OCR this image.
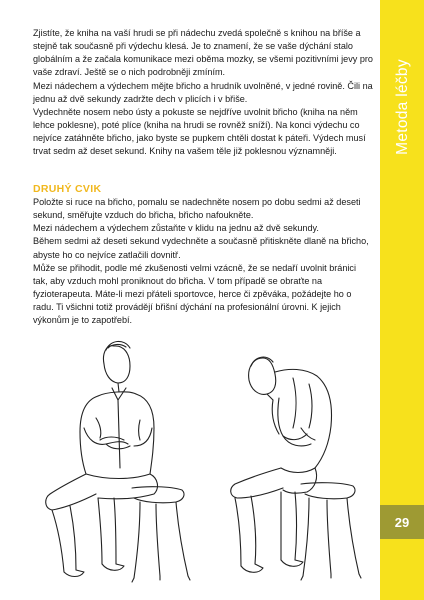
Metoda léčby
29

Zjistíte, že kniha na vaší hrudi se při nádechu zvedá společně s knihou na bříše a stejně tak současně při výdechu klesá. Je to znamení, že se vaše dýchání stalo globálním a že začala komunikace mezi oběma mozky, se všemi pozitivními jevy pro vaše zdraví. Ještě se o nich podrobněji zmíním.

Mezi nádechem a výdechem mějte břicho a hrudník uvolněné, v jedné rovině. Čili na jednu až dvě sekundy zadržte dech v plicích i v břiše.

Vydechněte nosem nebo ústy a pokuste se nejdříve uvolnit břicho (kniha na něm lehce poklesne), poté plíce (kniha na hrudi se rovněž sníží). Na konci výdechu co nejvíce zatáhněte břicho, jako byste se pupkem chtěli dostat k páteři. Výdech musí trvat sedm až deset sekund. Knihy na vašem těle již poklesnou významněji.

DRUHÝ CVIK

Položte si ruce na břicho, pomalu se nadechněte nosem po dobu sedmi až deseti sekund, směřujte vzduch do břicha, břicho nafoukněte.

Mezi nádechem a výdechem zůstaňte v klidu na jednu až dvě sekundy.

Během sedmi až deseti sekund vydechněte a současně přitiskněte dlaně na břicho, abyste ho co nejvíce zatlačili dovnitř.

Může se přihodit, podle mé zkušenosti velmi vzácně, že se nedaří uvolnit bránici tak, aby vzduch mohl proniknout do břicha. V tom případě se obraťte na fyzioterapeuta. Máte-li mezi přáteli sportovce, herce či zpěváka, požádejte ho o radu. Ti všichni totiž provádějí břišní dýchání na profesionální úrovni. K jejich výkonům je to zapotřebí.
